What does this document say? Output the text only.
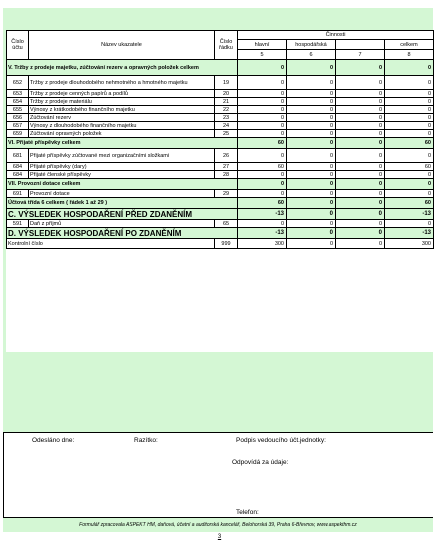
Číslo účtu	Název ukazatele	Číslo řádku	Činnosti			
			hlavní	hospodářská		celkem
			5	6	7	8
V. Tržby z prodeje majetku, zúčtování rezerv a opravných položek celkem			0	0	0	0
652	Tržby z prodeje dlouhodobého nehmotného a hmotného majetku	19	0	0	0	0
653	Tržby z prodeje cenných papírů a podílů	20	0	0	0	0
654	Tržby z prodeje materiálu	21	0	0	0	0
655	Výnosy z krátkodobého finančního majetku	22	0	0	0	0
656	Zúčtování rezerv	23	0	0	0	0
657	Výnosy z dlouhodobého finančního majetku	24	0	0	0	0
659	Zúčtování opravných položek	25	0	0	0	0
VI. Přijaté příspěvky celkem			60	0	0	60
681	Přijaté příspěvky zúčtované mezi organizačními složkami	26	0	0	0	0
684	Přijaté příspěvky (dary)	27	60	0	0	60
684	Přijaté členské příspěvky	28	0	0	0	0
VII. Provozní dotace celkem			0	0	0	0
691	Provozní dotace	29	0	0	0	0
Účtová třída 6 celkem ( řádek 1 až 29 )			60	0	0	60
C. VÝSLEDEK HOSPODAŘENÍ PŘED ZDANĚNÍM			-13	0	0	-13
591	Daň z příjmů	65	0	0	0	0
D. VÝSLEDEK HOSPODAŘENÍ PO ZDANĚNÍM			-13	0	0	-13
Kontrolní číslo		999	300	0	0	300
Odesláno dne:	Razítko:	Podpis vedoucího účt.jednotky:
Odpovídá za údaje:
Telefon:
Formulář zpracovala ASPEKT HM, daňová, účetní a auditorská kancelář, Belohorská 39, Praha 6-Břevnov, www.aspekthm.cz
3
